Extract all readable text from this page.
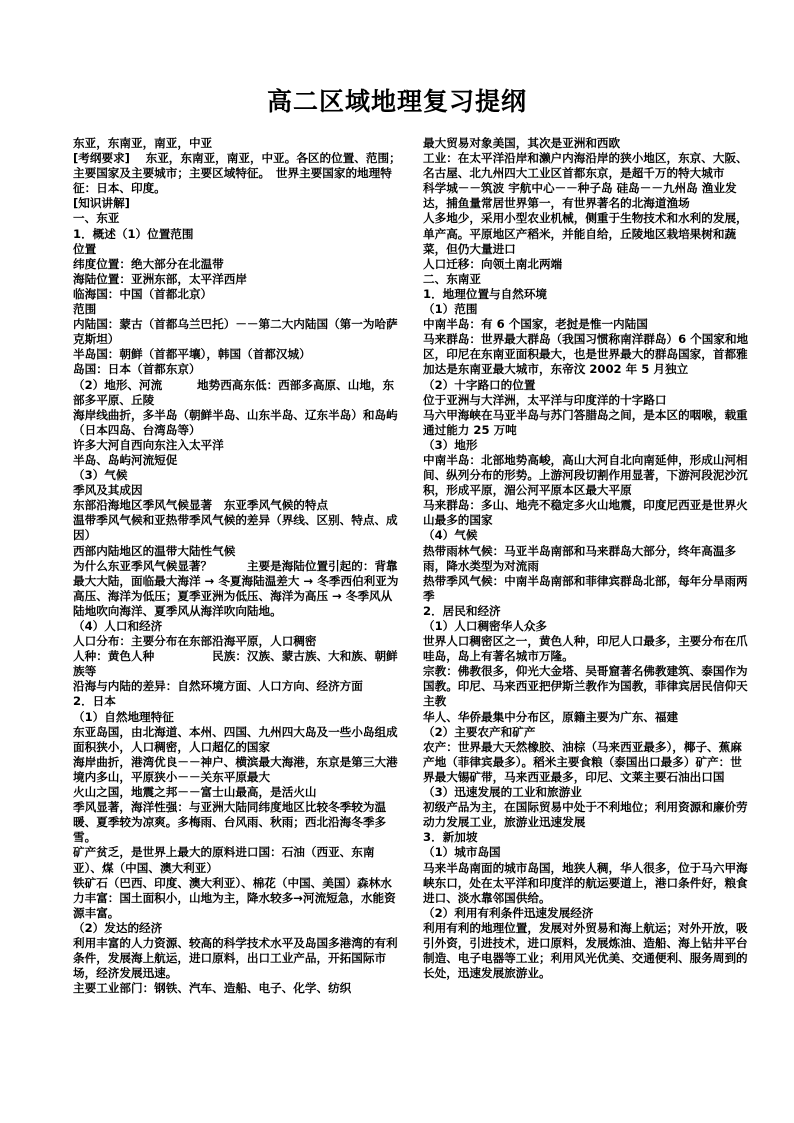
高二区域地理复习提纲
东亚，东南亚，南亚，中亚
[考纲要求]　 东亚，东南亚，南亚，中亚。各区的位置、范围；主要国家及主要城市；主要区域特征。　世界主要国家的地理特征：日本、印度。
[知识讲解]
一、东亚
1．概述（1）位置范围
位置
纬度位置：绝大部分在北温带
海陆位置：亚洲东部，太平洋西岸
临海国：中国（首都北京）
范围
内陆国：蒙古（首都乌兰巴托）－－第二大内陆国（第一为哈萨克斯坦）
半岛国：朝鲜（首都平壤），韩国（首都汉城）
岛国：日本（首都东京）
（2）地形、河流　　　地势西高东低：西部多高原、山地，东部多平原、丘陵
海岸线曲折，多半岛（朝鲜半岛、山东半岛、辽东半岛）和岛屿（日本四岛、台湾岛等）
许多大河自西向东注入太平洋
半岛、岛屿河流短促
（3）气候
季风及其成因
东部沿海地区季风气候显著　东亚季风气候的特点
温带季风气候和亚热带季风气候的差异（界线、区别、特点、成因）
西部内陆地区的温带大陆性气候
为什么东亚季风气候显著？　　　主要是海陆位置引起的：背靠最大大陆，面临最大海洋 → 冬夏海陆温差大 → 冬季西伯利亚为高压、海洋为低压；夏季亚洲为低压、海洋为高压 → 冬季风从陆地吹向海洋、夏季风从海洋吹向陆地。
（4）人口和经济
人口分布：主要分布在东部沿海平原，人口稠密
人种：黄色人种　　　　　民族：汉族、蒙古族、大和族、朝鲜族等
沿海与内陆的差异：自然环境方面、人口方向、经济方面
2．日本
（1）自然地理特征
东亚岛国，由北海道、本州、四国、九州四大岛及一些小岛组成
面积狭小，人口稠密，人口超亿的国家
海岸曲折，港湾优良－－神户、横滨最大海港，东京是第三大港
境内多山，平原狭小－－关东平原最大
火山之国，地震之邦－－富士山最高，是活火山
季风显著，海洋性强：与亚洲大陆同纬度地区比较冬季较为温暖、夏季较为凉爽。多梅雨、台风雨、秋雨；西北沿海冬季多雪。
矿产贫乏，是世界上最大的原料进口国：石油（西亚、东南亚）、煤（中国、澳大利亚）
铁矿石（巴西、印度、澳大利亚）、棉花（中国、美国）森林水力丰富：国土面积小，山地为主，降水较多→河流短急，水能资源丰富。
（2）发达的经济
利用丰富的人力资源、较高的科学技术水平及岛国多港湾的有利条件，发展海上航运，进口原料，出口工业产品，开拓国际市场，经济发展迅速。
主要工业部门：钢铁、汽车、造船、电子、化学、纺织
最大贸易对象美国，其次是亚洲和西欧
工业：在太平洋沿岸和濑户内海沿岸的狭小地区，东京、大阪、名古屋、北九州四大工业区首都东京，是超千万的特大城市
科学城－－筑波 宇航中心－－种子岛 硅岛－－九州岛 渔业发达，捕鱼量常居世界第一，有世界著名的北海道渔场
人多地少，采用小型农业机械，侧重于生物技术和水利的发展，单产高。平原地区产稻米，并能自给，丘陵地区栽培果树和蔬菜，但仍大量进口
人口迁移：向领土南北两端
二、东南亚
1．地理位置与自然环境
（1）范围
中南半岛：有 6 个国家，老挝是惟一内陆国
马来群岛：世界最大群岛（我国习惯称南洋群岛）6 个国家和地区，印尼在东南亚面积最大，也是世界最大的群岛国家，首都雅加达是东南亚最大城市，东帝汶 2002 年 5 月独立
（2）十字路口的位置
位于亚洲与大洋洲，太平洋与印度洋的十字路口
马六甲海峡在马亚半岛与苏门答腊岛之间，是本区的咽喉，载重通过能力 25 万吨
（3）地形
中南半岛：北部地势高峻，高山大河自北向南延伸，形成山河相间、纵列分布的形势。上游河段切割作用显著，下游河段泥沙沉积，形成平原，湄公河平原本区最大平原
马来群岛：多山、地壳不稳定多火山地震，印度尼西亚是世界火山最多的国家
（4）气候
热带雨林气候：马亚半岛南部和马来群岛大部分，终年高温多雨，降水类型为对流雨
热带季风气候：中南半岛南部和菲律宾群岛北部，每年分旱雨两季
2．居民和经济
（1）人口稠密华人众多
世界人口稠密区之一，黄色人种，印尼人口最多，主要分布在爪哇岛，岛上有著名城市万隆。
宗教：佛教很多，仰光大金塔、吴哥窟著名佛教建筑、泰国作为国教。印尼、马来西亚把伊斯兰教作为国教，菲律宾居民信仰天主教
华人、华侨最集中分布区，原籍主要为广东、福建
（2）主要农产和矿产
农产：世界最大天然橡胶、油棕（马来西亚最多），椰子、蕉麻产地（菲律宾最多）。稻米主要食粮（泰国出口最多）矿产：世界最大锡矿带，马来西亚最多，印尼、文莱主要石油出口国
（3）迅速发展的工业和旅游业
初级产品为主，在国际贸易中处于不利地位；利用资源和廉价劳动力发展工业，旅游业迅速发展
3．新加坡
（1）城市岛国
马来半岛南面的城市岛国，地狭人稠，华人很多，位于马六甲海峡东口，处在太平洋和印度洋的航运要道上，港口条件好，粮食进口、淡水靠邻国供给。
（2）利用有利条件迅速发展经济
利用有利的地理位置，发展对外贸易和海上航运；对外开放，吸引外资，引进技术，进口原料，发展炼油、造船、海上钻井平台制造、电子电器等工业；利用风光优美、交通便利、服务周到的长处，迅速发展旅游业。
